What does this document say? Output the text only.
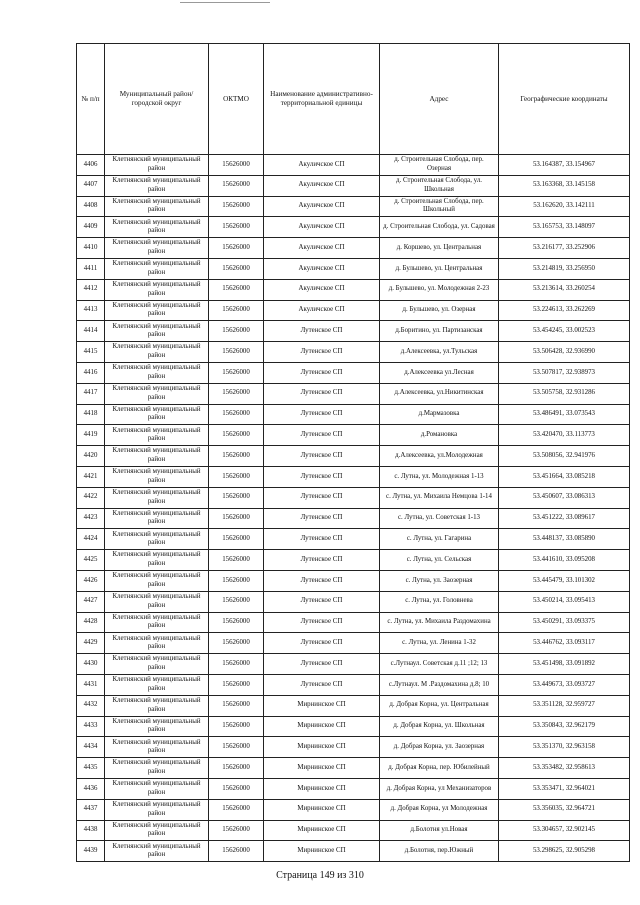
№ п/п	Муниципальный район/городской округ	ОКТМО	Наименование административно-территориальной единицы	Адрес	Географические координаты
4406	Клетнянский муниципальный район	15626000	Акуличское СП	д. Строительная Слобода, пер. Озерная	53.164387, 33.154967
4407	Клетнянский муниципальный район	15626000	Акуличское СП	д. Строительная Слобода, ул. Школьная	53.163368, 33.145158
4408	Клетнянский муниципальный район	15626000	Акуличское СП	д. Строительная Слобода, пер. Школьный	53.162620, 33.142111
4409	Клетнянский муниципальный район	15626000	Акуличское СП	д. Строительная Слобода, ул. Садовая	53.165753, 33.148097
4410	Клетнянский муниципальный район	15626000	Акуличское СП	д. Коршево, ул. Центральная	53.216177, 33.252906
4411	Клетнянский муниципальный район	15626000	Акуличское СП	д. Бульшево, ул. Центральная	53.214819, 33.256950
4412	Клетнянский муниципальный район	15626000	Акуличское СП	д. Бульшево, ул. Молодежная 2-23	53.213614, 33.260254
4413	Клетнянский муниципальный район	15626000	Акуличское СП	д. Бульшево, ул. Озерная	53.224613, 33.262269
4414	Клетнянский муниципальный район	15626000	Лутенское СП	д.Боритино, ул. Партизанская	53.454245, 33.002523
4415	Клетнянский муниципальный район	15626000	Лутенское СП	д.Алексеевка, ул.Тульская	53.506428, 32.936990
4416	Клетнянский муниципальный район	15626000	Лутенское СП	д.Алексеевка ул.Лесная	53.507817, 32.938973
4417	Клетнянский муниципальный район	15626000	Лутенское СП	д.Алексеевка, ул.Никитинская	53.505758, 32.931286
4418	Клетнянский муниципальный район	15626000	Лутенское СП	д.Мармазовка	53.486491, 33.073543
4419	Клетнянский муниципальный район	15626000	Лутенское СП	д.Романовка	53.420470, 33.113773
4420	Клетнянский муниципальный район	15626000	Лутенское СП	д.Алексеевка, ул.Молодежная	53.508056, 32.941976
4421	Клетнянский муниципальный район	15626000	Лутенское СП	с. Лутна, ул. Молодежная 1-13	53.451664, 33.085218
4422	Клетнянский муниципальный район	15626000	Лутенское СП	с. Лутна, ул. Михаила Немцова 1-14	53.450607, 33.086313
4423	Клетнянский муниципальный район	15626000	Лутенское СП	с. Лутна, ул. Советская 1-13	53.451222, 33.089617
4424	Клетнянский муниципальный район	15626000	Лутенское СП	с. Лутна, ул. Гагарина	53.448137, 33.085890
4425	Клетнянский муниципальный район	15626000	Лутенское СП	с. Лутна, ул. Сельская	53.441610, 33.095208
4426	Клетнянский муниципальный район	15626000	Лутенское СП	с. Лутна, ул. Заозерная	53.445479, 33.101302
4427	Клетнянский муниципальный район	15626000	Лутенское СП	с. Лутна, ул. Головнева	53.450214, 33.095413
4428	Клетнянский муниципальный район	15626000	Лутенское СП	с. Лутна, ул. Михаила Раздомахина	53.450291, 33.093375
4429	Клетнянский муниципальный район	15626000	Лутенское СП	с. Лутна, ул. Ленина 1-32	53.446762, 33.093117
4430	Клетнянский муниципальный район	15626000	Лутенское СП	с.Лутнаул. Советская д.11 ;12; 13	53.451498, 33.091892
4431	Клетнянский муниципальный район	15626000	Лутенское СП	с.Лутнаул. М .Раздомахина д.8; 10	53.449673, 33.093727
4432	Клетнянский муниципальный район	15626000	Мирнинское СП	д. Добрая Корна, ул. Центральная	53.351128, 32.959727
4433	Клетнянский муниципальный район	15626000	Мирнинское СП	д. Добрая Корна, ул. Школьная	53.350843, 32.962179
4434	Клетнянский муниципальный район	15626000	Мирнинское СП	д. Добрая Корна, ул. Заозерная	53.351370, 32.963158
4435	Клетнянский муниципальный район	15626000	Мирнинское СП	д. Добрая Корна, пер. Юбилейный	53.353482, 32.958613
4436	Клетнянский муниципальный район	15626000	Мирнинское СП	д. Добрая Корна, ул Механизаторов	53.353471, 32.964021
4437	Клетнянский муниципальный район	15626000	Мирнинское СП	д. Добрая Корна, ул Молодежная	53.356035, 32.964721
4438	Клетнянский муниципальный район	15626000	Мирнинское СП	д.Болотня ул.Новая	53.304657, 32.902145
4439	Клетнянский муниципальный район	15626000	Мирнинское СП	д.Болотня, пер.Южный	53.298625, 32.905298
Страница 149 из 310
